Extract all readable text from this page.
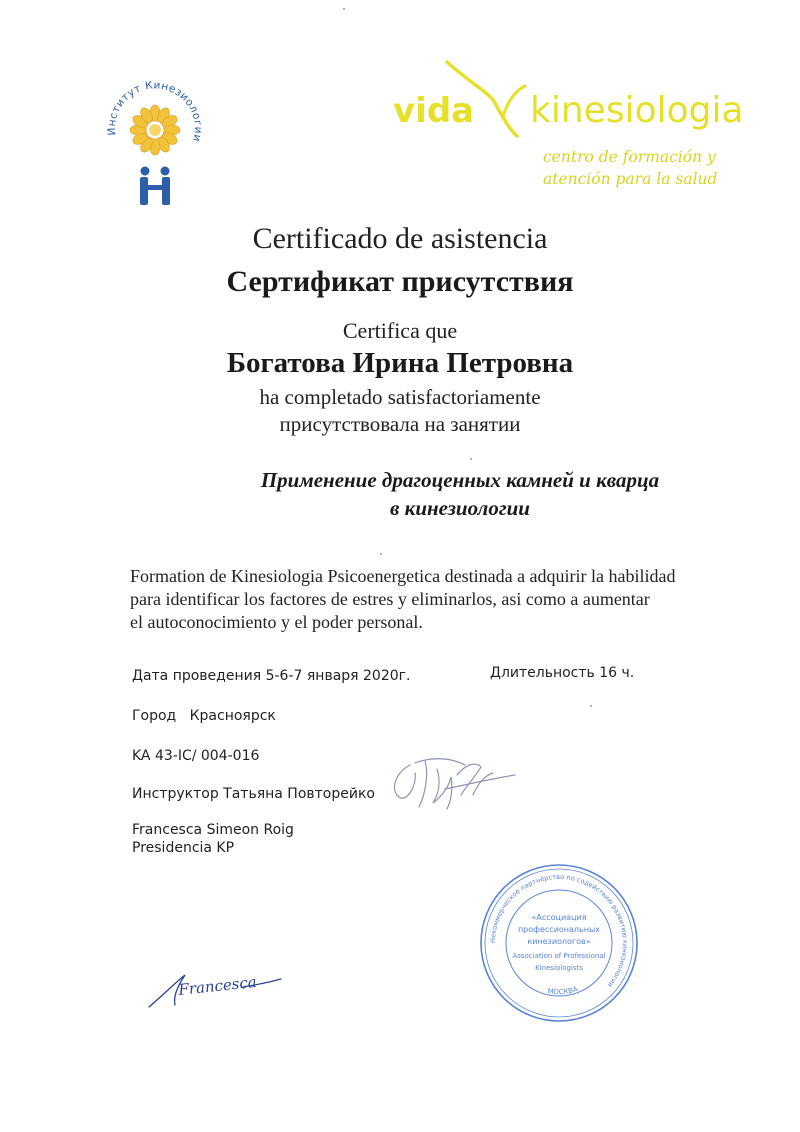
Институт Кинезиологии
vida kinesiologia
centro de formación y
atención para la salud
Certificado de asistencia
Сертификат присутствия
Certifica que
Богатова Ирина Петровна
ha completado satisfactoriamente
присутствовала на занятии
Применение драгоценных камней и кварца
в кинезиологии
Formation de Kinesiologia Psicoenergetica destinada a adquirir la habilidad
para identificar los factores de estres y eliminarlos, asi como a aumentar
el autoconocimiento y el poder personal.
Дата проведения 5-6-7 января 2020г.	Длительность 16 ч.
Город   Красноярск
KA 43-IC/ 004-016
Инструктор Татьяна Повторейко
Francesca Simeon Roig
Presidencia KP
Некоммерческое партнёрство по содействию развитию кинезиологии
«Ассоциация
профессиональных
кинезиологов»
Association of Professional
Kinesiologists
МОСКВА
Francesca
